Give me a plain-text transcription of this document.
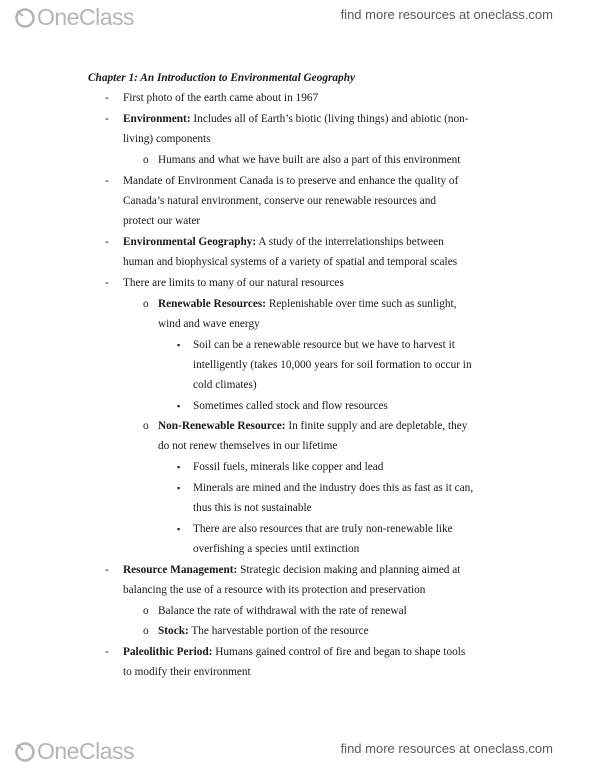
OneClass	find more resources at oneclass.com
Chapter 1: An Introduction to Environmental Geography
- First photo of the earth came about in 1967
- Environment: Includes all of Earth’s biotic (living things) and abiotic (non-
living) components
o Humans and what we have built are also a part of this environment
- Mandate of Environment Canada is to preserve and enhance the quality of
Canada’s natural environment, conserve our renewable resources and
protect our water
- Environmental Geography: A study of the interrelationships between
human and biophysical systems of a variety of spatial and temporal scales
- There are limits to many of our natural resources
o Renewable Resources: Replenishable over time such as sunlight,
wind and wave energy
▪ Soil can be a renewable resource but we have to harvest it
intelligently (takes 10,000 years for soil formation to occur in
cold climates)
▪ Sometimes called stock and flow resources
o Non-Renewable Resource: In finite supply and are depletable, they
do not renew themselves in our lifetime
▪ Fossil fuels, minerals like copper and lead
▪ Minerals are mined and the industry does this as fast as it can,
thus this is not sustainable
▪ There are also resources that are truly non-renewable like
overfishing a species until extinction
- Resource Management: Strategic decision making and planning aimed at
balancing the use of a resource with its protection and preservation
o Balance the rate of withdrawal with the rate of renewal
o Stock: The harvestable portion of the resource
- Paleolithic Period: Humans gained control of fire and began to shape tools
to modify their environment
OneClass	find more resources at oneclass.com
